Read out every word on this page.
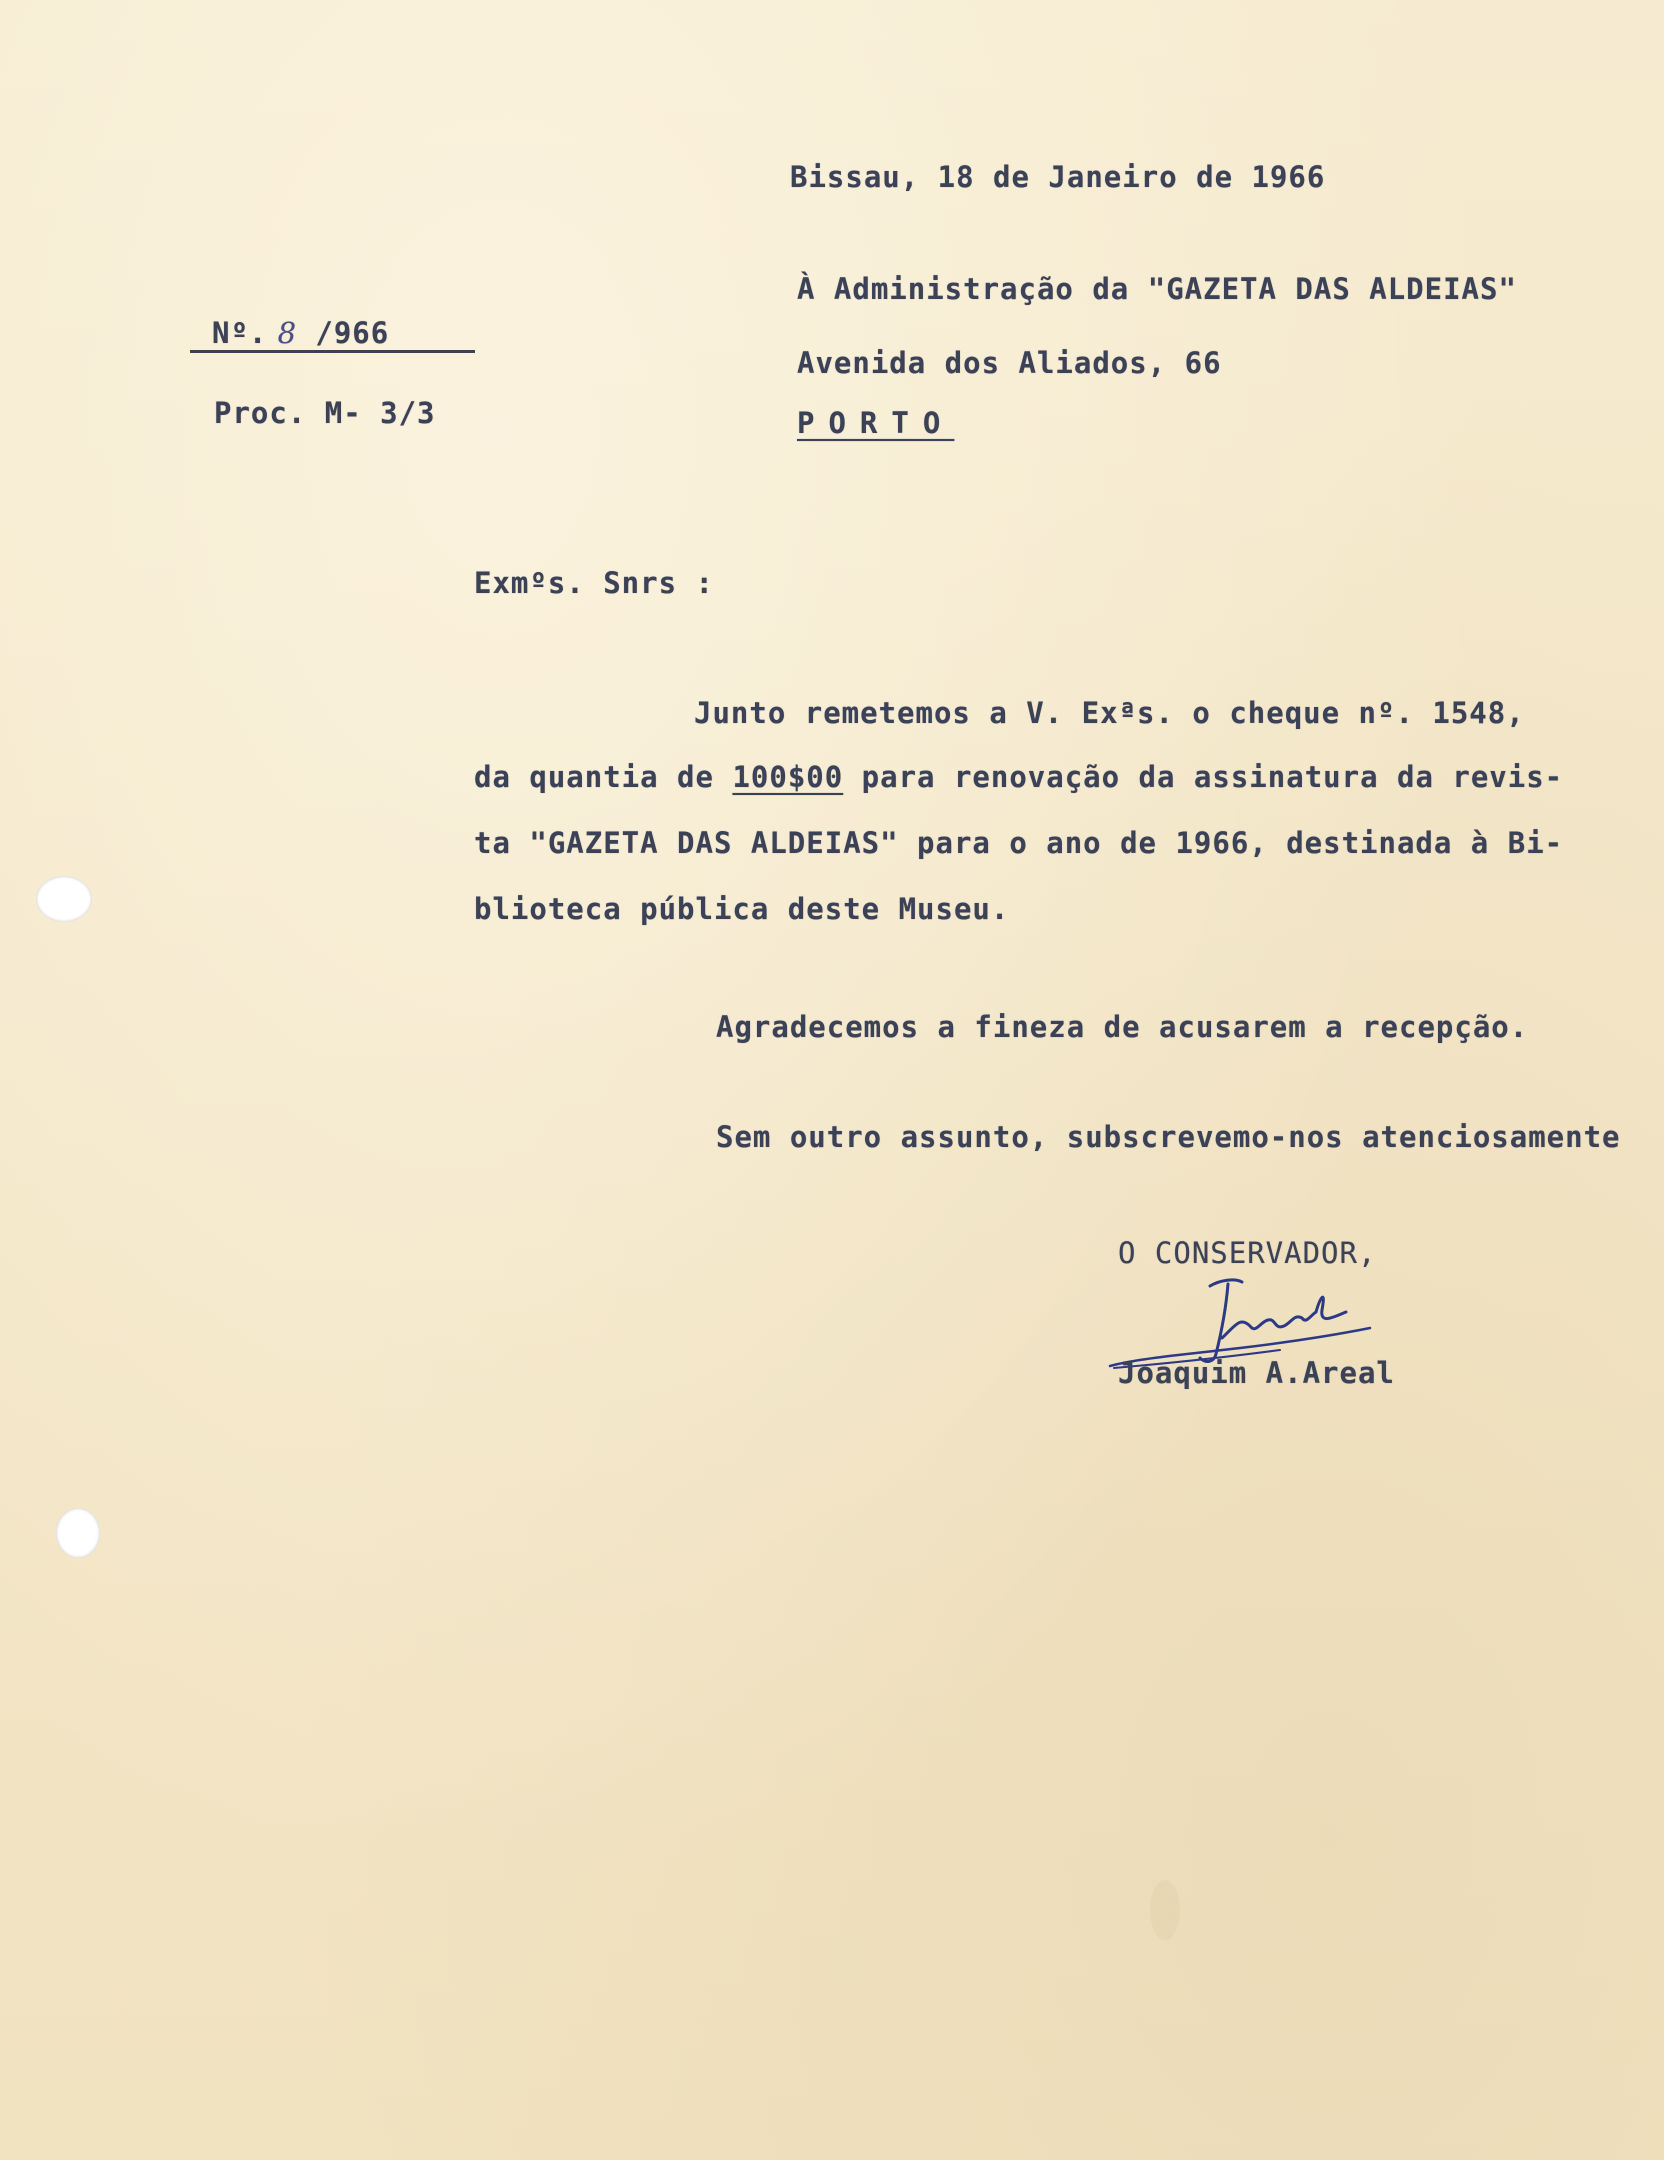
Bissau, 18 de Janeiro de 1966
À Administração da "GAZETA DAS ALDEIAS"
Avenida dos Aliados, 66
PORTO
Nº. 8 /966
Proc. M- 3/3
Exmºs. Snrs :
Junto remetemos a V. Exªs. o cheque nº. 1548,
da quantia de 100$00 para renovação da assinatura da revis-
ta "GAZETA DAS ALDEIAS" para o ano de 1966, destinada à Bi-
blioteca pública deste Museu.
Agradecemos a fineza de acusarem a recepção.
Sem outro assunto, subscrevemo-nos atenciosamente
O CONSERVADOR,
Joaquim A.Areal
